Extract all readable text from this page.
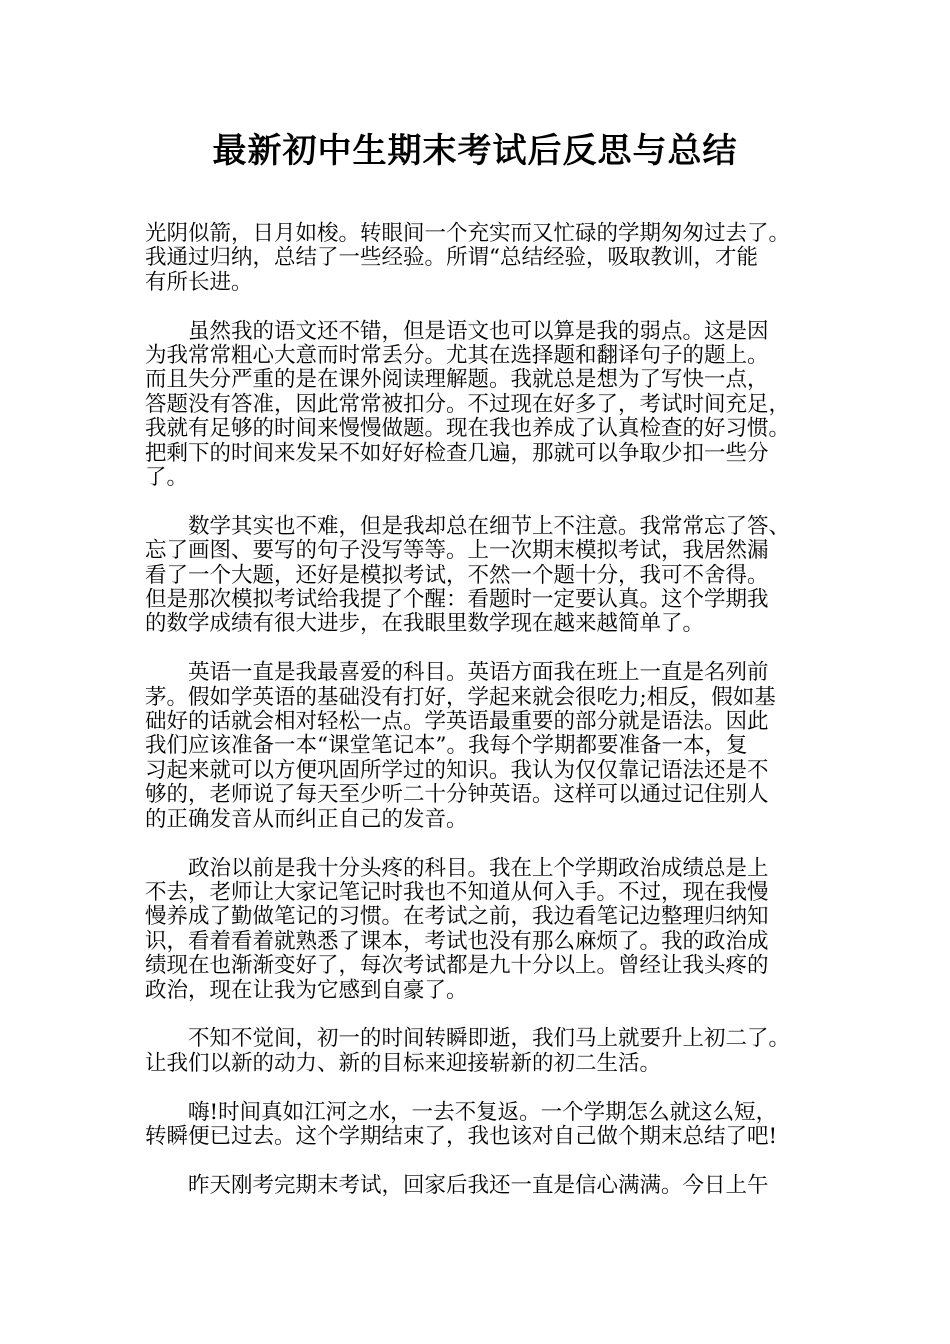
最新初中生期末考试后反思与总结

光阴似箭，日月如梭。转眼间一个充实而又忙碌的学期匆匆过去了。
我通过归纳，总结了一些经验。所谓“总结经验，吸取教训，才能
有所长进。

虽然我的语文还不错，但是语文也可以算是我的弱点。这是因
为我常常粗心大意而时常丢分。尤其在选择题和翻译句子的题上。
而且失分严重的是在课外阅读理解题。我就总是想为了写快一点，
答题没有答准，因此常常被扣分。不过现在好多了，考试时间充足，
我就有足够的时间来慢慢做题。现在我也养成了认真检查的好习惯。
把剩下的时间来发呆不如好好检查几遍，那就可以争取少扣一些分
了。

数学其实也不难，但是我却总在细节上不注意。我常常忘了答、
忘了画图、要写的句子没写等等。上一次期末模拟考试，我居然漏
看了一个大题，还好是模拟考试，不然一个题十分，我可不舍得。
但是那次模拟考试给我提了个醒：看题时一定要认真。这个学期我
的数学成绩有很大进步，在我眼里数学现在越来越简单了。

英语一直是我最喜爱的科目。英语方面我在班上一直是名列前
茅。假如学英语的基础没有打好，学起来就会很吃力;相反，假如基
础好的话就会相对轻松一点。学英语最重要的部分就是语法。因此
我们应该准备一本“课堂笔记本”。我每个学期都要准备一本，复
习起来就可以方便巩固所学过的知识。我认为仅仅靠记语法还是不
够的，老师说了每天至少听二十分钟英语。这样可以通过记住别人
的正确发音从而纠正自己的发音。

政治以前是我十分头疼的科目。我在上个学期政治成绩总是上
不去，老师让大家记笔记时我也不知道从何入手。不过，现在我慢
慢养成了勤做笔记的习惯。在考试之前，我边看笔记边整理归纳知
识，看着看着就熟悉了课本，考试也没有那么麻烦了。我的政治成
绩现在也渐渐变好了，每次考试都是九十分以上。曾经让我头疼的
政治，现在让我为它感到自豪了。

不知不觉间，初一的时间转瞬即逝，我们马上就要升上初二了。
让我们以新的动力、新的目标来迎接崭新的初二生活。

嗨!时间真如江河之水，一去不复返。一个学期怎么就这么短，
转瞬便已过去。这个学期结束了，我也该对自己做个期末总结了吧!

昨天刚考完期末考试，回家后我还一直是信心满满。今日上午
